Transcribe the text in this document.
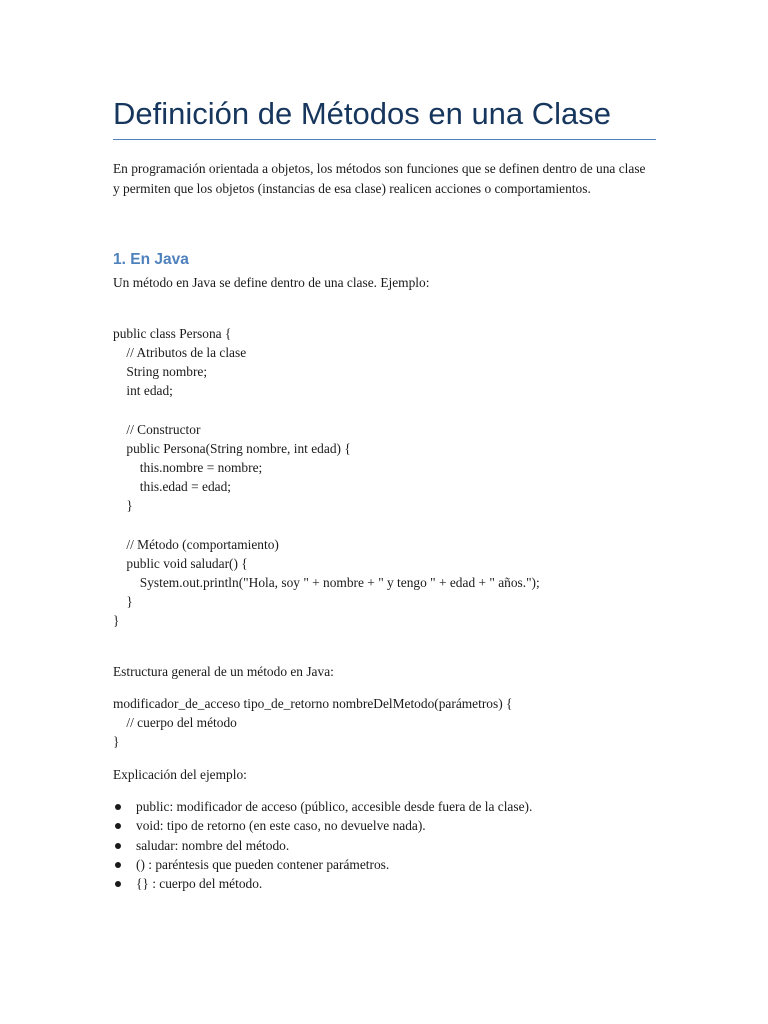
Definición de Métodos en una Clase

En programación orientada a objetos, los métodos son funciones que se definen dentro de una clase y permiten que los objetos (instancias de esa clase) realicen acciones o comportamientos.

1. En Java

Un método en Java se define dentro de una clase. Ejemplo:

public class Persona {
// Atributos de la clase
String nombre;
int edad;
// Constructor
public Persona(String nombre, int edad) {
this.nombre = nombre;
this.edad = edad;
}
// Método (comportamiento)
public void saludar() {
System.out.println("Hola, soy " + nombre + " y tengo " + edad + " años.");
}
}

Estructura general de un método en Java:

modificador_de_acceso tipo_de_retorno nombreDelMetodo(parámetros) {
// cuerpo del método
}

Explicación del ejemplo:

public: modificador de acceso (público, accesible desde fuera de la clase).
void: tipo de retorno (en este caso, no devuelve nada).
saludar: nombre del método.
() : paréntesis que pueden contener parámetros.
{} : cuerpo del método.
